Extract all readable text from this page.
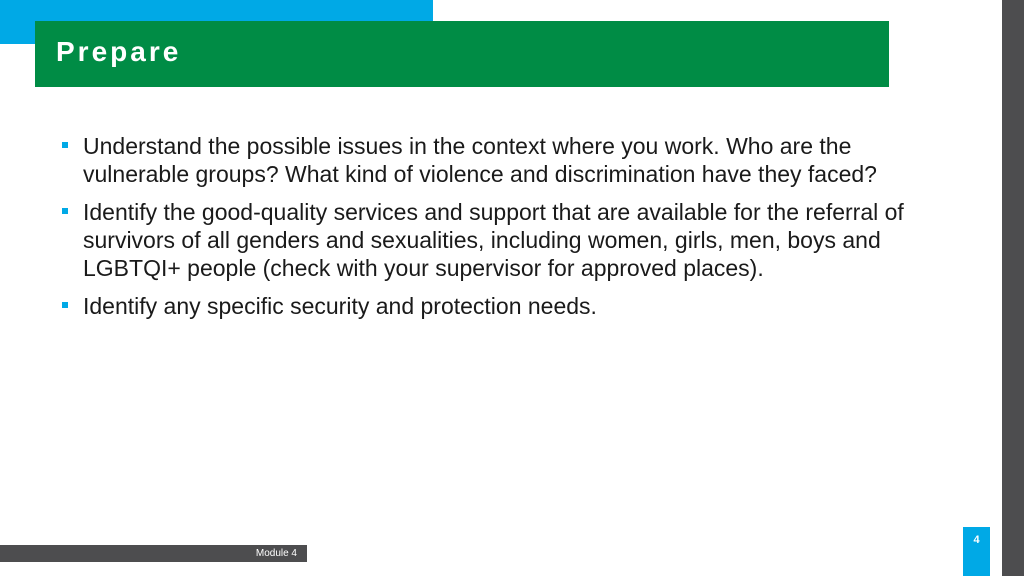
Prepare
Understand the possible issues in the context where you work. Who are the vulnerable groups? What kind of violence and discrimination have they faced?
Identify the good-quality services and support that are available for the referral of survivors of all genders and sexualities, including women, girls, men, boys and LGBTQI+ people (check with your supervisor for approved places).
Identify any specific security and protection needs.
Module 4
4
